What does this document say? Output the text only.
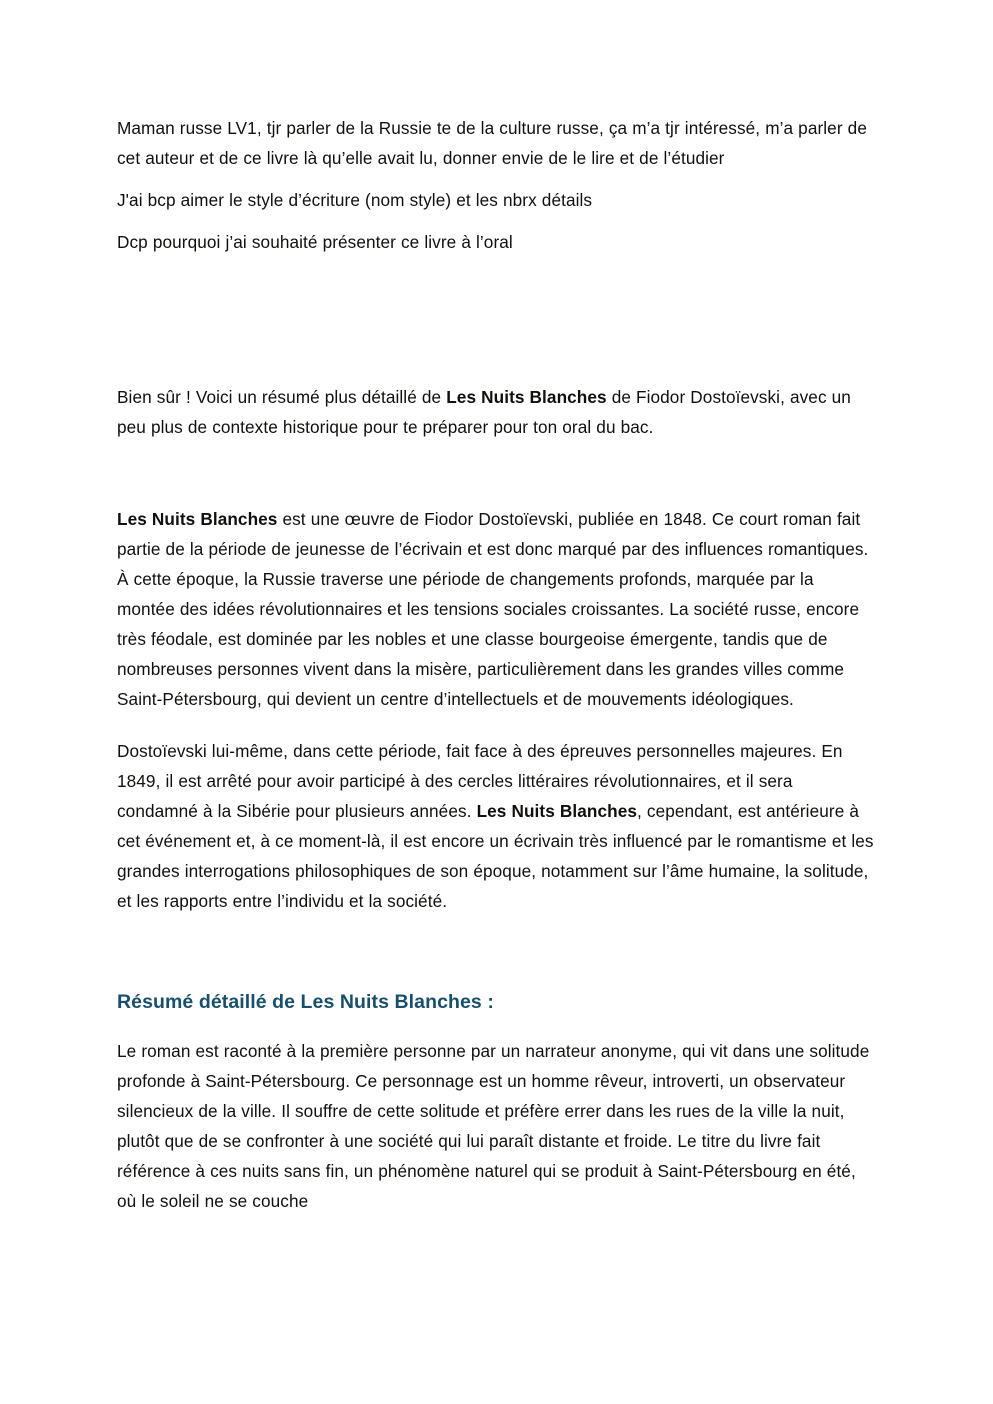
Maman russe LV1, tjr parler de la Russie te de la culture russe, ça m’a tjr intéressé, m’a parler de cet auteur et de ce livre là qu’elle avait lu, donner envie de le lire et de l’étudier

J'ai bcp aimer le style d’écriture (nom style) et les nbrx détails

Dcp pourquoi j’ai souhaité présenter ce livre à l’oral

Bien sûr ! Voici un résumé plus détaillé de Les Nuits Blanches de Fiodor Dostoïevski, avec un peu plus de contexte historique pour te préparer pour ton oral du bac.

Les Nuits Blanches est une œuvre de Fiodor Dostoïevski, publiée en 1848. Ce court roman fait partie de la période de jeunesse de l’écrivain et est donc marqué par des influences romantiques. À cette époque, la Russie traverse une période de changements profonds, marquée par la montée des idées révolutionnaires et les tensions sociales croissantes. La société russe, encore très féodale, est dominée par les nobles et une classe bourgeoise émergente, tandis que de nombreuses personnes vivent dans la misère, particulièrement dans les grandes villes comme Saint-Pétersbourg, qui devient un centre d’intellectuels et de mouvements idéologiques.

Dostoïevski lui-même, dans cette période, fait face à des épreuves personnelles majeures. En 1849, il est arrêté pour avoir participé à des cercles littéraires révolutionnaires, et il sera condamné à la Sibérie pour plusieurs années. Les Nuits Blanches, cependant, est antérieure à cet événement et, à ce moment-là, il est encore un écrivain très influencé par le romantisme et les grandes interrogations philosophiques de son époque, notamment sur l’âme humaine, la solitude, et les rapports entre l’individu et la société.

Résumé détaillé de Les Nuits Blanches :

Le roman est raconté à la première personne par un narrateur anonyme, qui vit dans une solitude profonde à Saint-Pétersbourg. Ce personnage est un homme rêveur, introverti, un observateur silencieux de la ville. Il souffre de cette solitude et préfère errer dans les rues de la ville la nuit, plutôt que de se confronter à une société qui lui paraît distante et froide. Le titre du livre fait référence à ces nuits sans fin, un phénomène naturel qui se produit à Saint-Pétersbourg en été, où le soleil ne se couche
